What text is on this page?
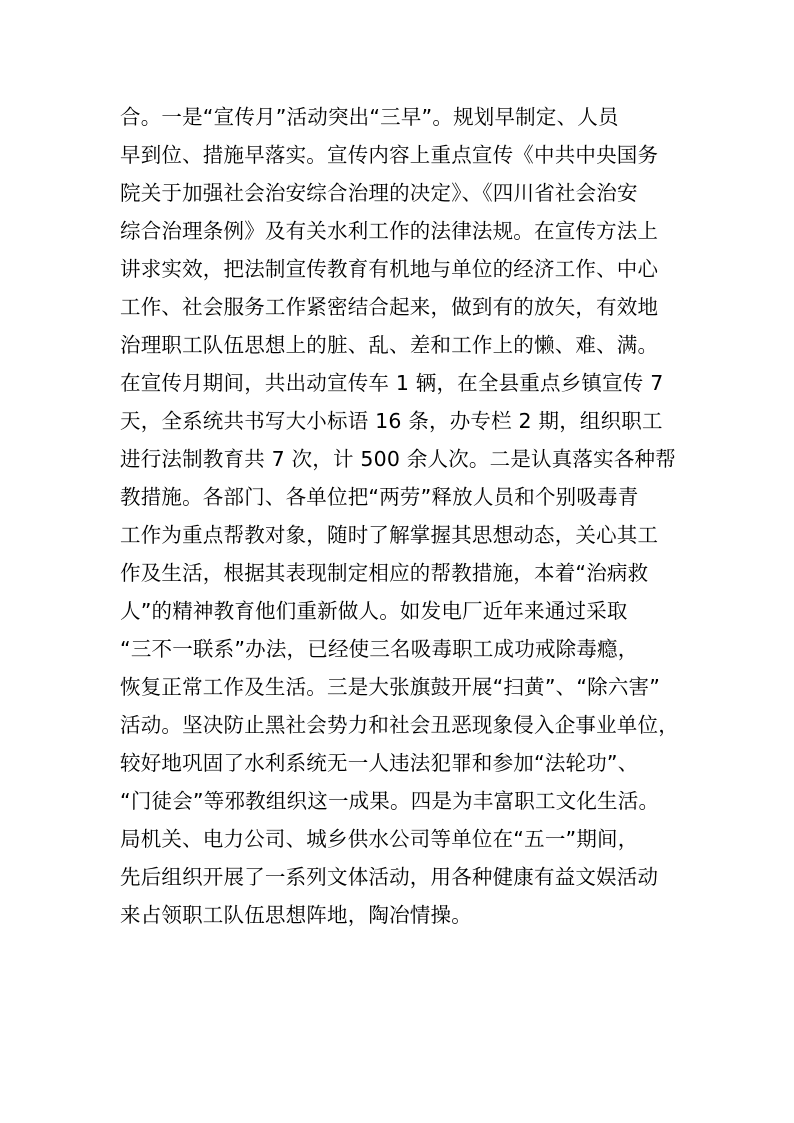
合。一是“宣传月”活动突出“三早”。规划早制定、人员
早到位、措施早落实。宣传内容上重点宣传《中共中央国务
院关于加强社会治安综合治理的决定》、《四川省社会治安
综合治理条例》及有关水利工作的法律法规。在宣传方法上
讲求实效，把法制宣传教育有机地与单位的经济工作、中心
工作、社会服务工作紧密结合起来，做到有的放矢，有效地
治理职工队伍思想上的脏、乱、差和工作上的懒、难、满。
在宣传月期间，共出动宣传车 1 辆，在全县重点乡镇宣传 7
天，全系统共书写大小标语 16 条，办专栏 2 期，组织职工
进行法制教育共 7 次，计 500 余人次。二是认真落实各种帮
教措施。各部门、各单位把“两劳”释放人员和个别吸毒青
工作为重点帮教对象，随时了解掌握其思想动态，关心其工
作及生活，根据其表现制定相应的帮教措施，本着“治病救
人”的精神教育他们重新做人。如发电厂近年来通过采取
“三不一联系”办法，已经使三名吸毒职工成功戒除毒瘾，
恢复正常工作及生活。三是大张旗鼓开展“扫黄”、“除六害”
活动。坚决防止黑社会势力和社会丑恶现象侵入企事业单位，
较好地巩固了水利系统无一人违法犯罪和参加“法轮功”、
“门徒会”等邪教组织这一成果。四是为丰富职工文化生活。
局机关、电力公司、城乡供水公司等单位在“五一”期间，
先后组织开展了一系列文体活动，用各种健康有益文娱活动
来占领职工队伍思想阵地，陶冶情操。
